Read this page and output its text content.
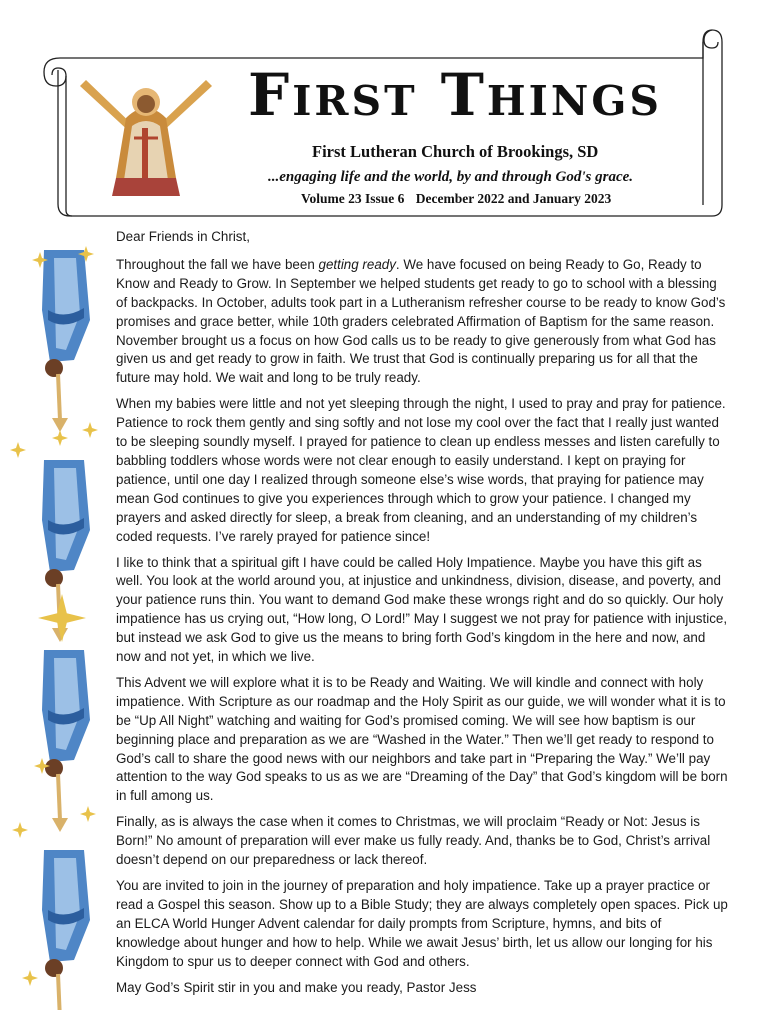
First Things
First Lutheran Church of Brookings, SD
...engaging life and the world, by and through God's grace.
Volume 23 Issue 6 December 2022 and January 2023

Dear Friends in Christ,

Throughout the fall we have been getting ready. We have focused on being Ready to Go, Ready to Know and Ready to Grow. In September we helped students get ready to go to school with a blessing of backpacks. In October, adults took part in a Lutheranism refresher course to be ready to know God’s promises and grace better, while 10th graders celebrated Affirmation of Baptism for the same reason. November brought us a focus on how God calls us to be ready to give generously from what God has given us and get ready to grow in faith. We trust that God is continually preparing us for all that the future may hold. We wait and long to be truly ready.

When my babies were little and not yet sleeping through the night, I used to pray and pray for patience. Patience to rock them gently and sing softly and not lose my cool over the fact that I really just wanted to be sleeping soundly myself. I prayed for patience to clean up endless messes and listen carefully to babbling toddlers whose words were not clear enough to easily understand. I kept on praying for patience, until one day I realized through someone else’s wise words, that praying for patience may mean God continues to give you experiences through which to grow your patience. I changed my prayers and asked directly for sleep, a break from cleaning, and an understanding of my children’s coded requests. I’ve rarely prayed for patience since!

I like to think that a spiritual gift I have could be called Holy Impatience. Maybe you have this gift as well. You look at the world around you, at injustice and unkindness, division, disease, and poverty, and your patience runs thin. You want to demand God make these wrongs right and do so quickly. Our holy impatience has us crying out, “How long, O Lord!” May I suggest we not pray for patience with injustice, but instead we ask God to give us the means to bring forth God’s kingdom in the here and now, and now and not yet, in which we live.

This Advent we will explore what it is to be Ready and Waiting. We will kindle and connect with holy impatience. With Scripture as our roadmap and the Holy Spirit as our guide, we will wonder what it is to be “Up All Night” watching and waiting for God’s promised coming. We will see how baptism is our beginning place and preparation as we are “Washed in the Water.” Then we’ll get ready to respond to God’s call to share the good news with our neighbors and take part in “Preparing the Way.” We’ll pay attention to the way God speaks to us as we are “Dreaming of the Day” that God’s kingdom will be born in full among us.

Finally, as is always the case when it comes to Christmas, we will proclaim “Ready or Not: Jesus is Born!” No amount of preparation will ever make us fully ready. And, thanks be to God, Christ’s arrival doesn’t depend on our preparedness or lack thereof.

You are invited to join in the journey of preparation and holy impatience. Take up a prayer practice or read a Gospel this season. Show up to a Bible Study; they are always completely open spaces. Pick up an ELCA World Hunger Advent calendar for daily prompts from Scripture, hymns, and bits of knowledge about hunger and how to help. While we await Jesus’ birth, let us allow our longing for his Kingdom to spur us to deeper connect with God and others.

May God’s Spirit stir in you and make you ready, Pastor Jess
